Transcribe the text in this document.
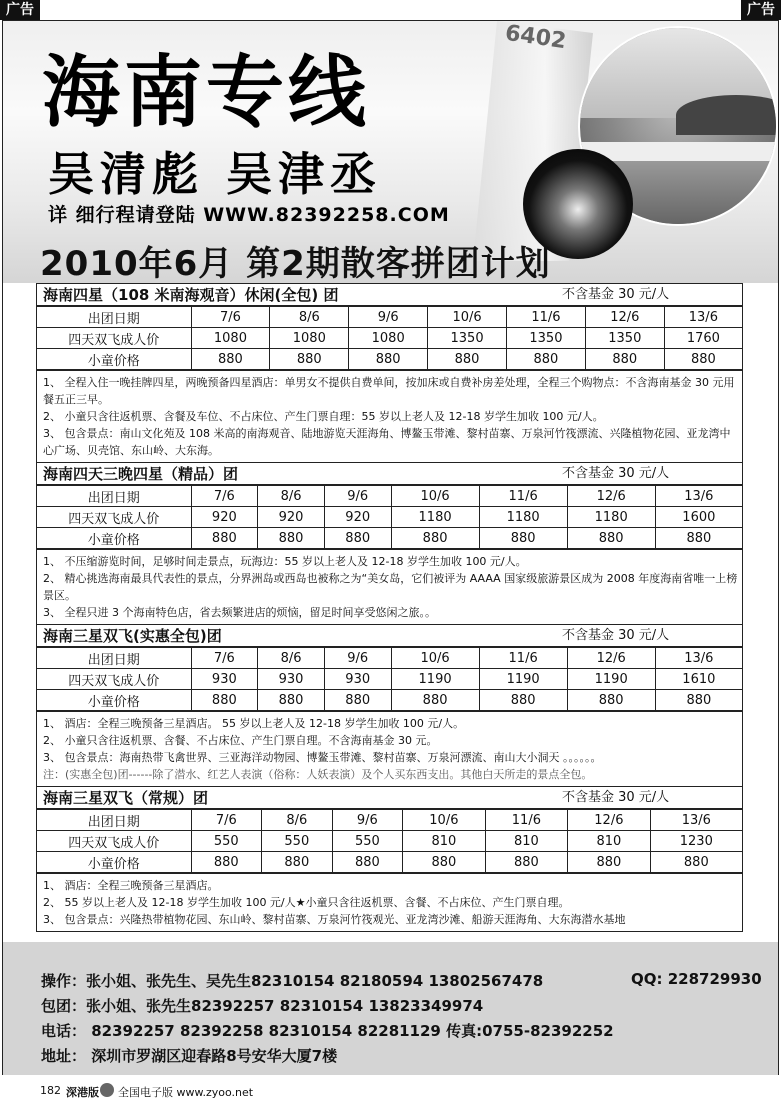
广告	广告
6402
海南专线
吴清彪 吴津丞
详 细行程请登陆 WWW.82392258.COM
2010年6月 第2期散客拼团计划
海南四星（108 米南海观音）休闲(全包) 团	不含基金 30 元/人
出团日期	7/6	8/6	9/6	10/6	11/6	12/6	13/6
四天双飞成人价	1080	1080	1080	1350	1350	1350	1760
小童价格	880	880	880	880	880	880	880
1、 全程入住一晚挂牌四星，两晚预备四星酒店：单男女不提供自费单间，按加床或自费补房差处理，全程三个购物点：不含海南基金 30 元用餐五正三早。
2、 小童只含往返机票、含餐及车位、不占床位、产生门票自理：55 岁以上老人及 12-18 岁学生加收 100 元/人。
3、 包含景点：南山文化苑及 108 米高的南海观音、陆地游览天涯海角、博鳌玉带滩、黎村苗寨、万泉河竹筏漂流、兴隆植物花园、亚龙湾中心广场、贝壳馆、东山岭、大东海。
海南四天三晚四星（精品）团	不含基金 30 元/人
出团日期	7/6	8/6	9/6	10/6	11/6	12/6	13/6
四天双飞成人价	920	920	920	1180	1180	1180	1600
小童价格	880	880	880	880	880	880	880
1、 不压缩游览时间，足够时间走景点，玩海边：55 岁以上老人及 12-18 岁学生加收 100 元/人。
2、 精心挑选海南最具代表性的景点，分界洲岛或西岛也被称之为“美女岛，它们被评为 AAAA 国家级旅游景区成为 2008 年度海南省唯一上榜景区。
3、 全程只进 3 个海南特色店，省去频繁进店的烦恼，留足时间享受悠闲之旅。。
海南三星双飞(实惠全包)团	不含基金 30 元/人
出团日期	7/6	8/6	9/6	10/6	11/6	12/6	13/6
四天双飞成人价	930	930	930	1190	1190	1190	1610
小童价格	880	880	880	880	880	880	880
1、 酒店：全程三晚预备三星酒店。 55 岁以上老人及 12-18 岁学生加收 100 元/人。
2、 小童只含往返机票、含餐、不占床位、产生门票自理。不含海南基金 30 元。
3、 包含景点：海南热带飞禽世界、三亚海洋动物园、博鳌玉带滩、黎村苗寨、万泉河漂流、南山大小洞天 。。。。。。
注：(实惠全包)团------除了潜水、红艺人表演（俗称：人妖表演）及个人买东西支出。其他白天所走的景点全包。
海南三星双飞（常规）团	不含基金 30 元/人
出团日期	7/6	8/6	9/6	10/6	11/6	12/6	13/6
四天双飞成人价	550	550	550	810	810	810	1230
小童价格	880	880	880	880	880	880	880
1、 酒店：全程三晚预备三星酒店。
2、 55 岁以上老人及 12-18 岁学生加收 100 元/人★小童只含往返机票、含餐、不占床位、产生门票自理。
3、 包含景点：兴隆热带植物花园、东山岭、黎村苗寨、万泉河竹筏观光、亚龙湾沙滩、船游天涯海角、大东海潜水基地
操作：张小姐、张先生、吴先生82310154 82180594 13802567478	QQ: 228729930
包团：张小姐、张先生82392257 82310154 13823349974
电话： 82392257 82392258 82310154 82281129 传真:0755-82392252
地址： 深圳市罗湖区迎春路8号安华大厦7楼
182 深港版 全国电子版 www.zyoo.net
